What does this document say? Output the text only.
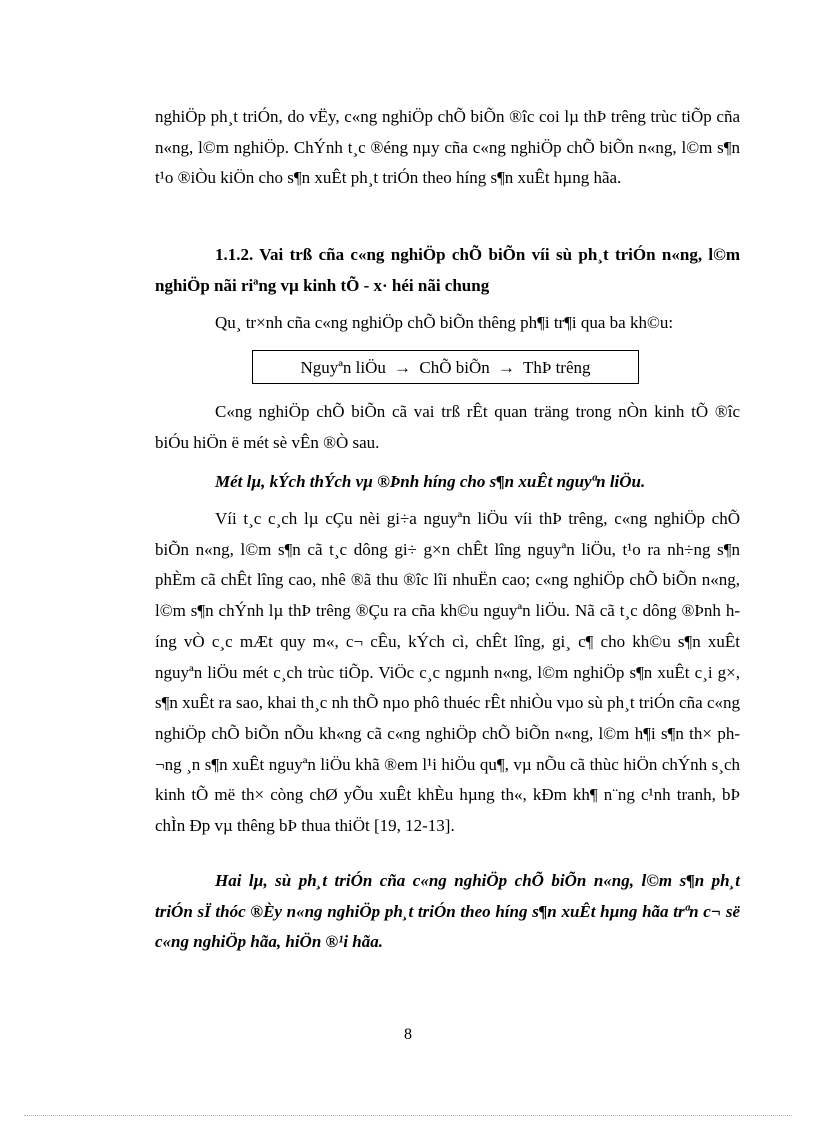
nghiÖp ph¸t triÓn, do vËy, c«ng nghiÖp chÕ biÕn ®îc coi lµ thÞ trêng trùc tiÕp cña n«ng, l©m nghiÖp. ChÝnh t¸c ®éng nµy cña c«ng nghiÖp chÕ biÕn n«ng, l©m s¶n t¹o ®iÒu kiÖn cho s¶n xuÊt ph¸t triÓn theo híng s¶n xuÊt hµng hãa.
1.1.2. Vai trß cña c«ng nghiÖp chÕ biÕn víi sù ph¸t triÓn n«ng, l©m nghiÖp nãi riªng vµ kinh tÕ - x· héi nãi chung
Qu¸ tr×nh cña c«ng nghiÖp chÕ biÕn thêng ph¶i tr¶i qua ba kh©u:
Nguyªn liÖu → ChÕ biÕn → ThÞ trêng
C«ng nghiÖp chÕ biÕn cã vai trß rÊt quan träng trong nÒn kinh tÕ ®îc biÓu hiÖn ë mét sè vÊn ®Ò sau.
Mét lµ, kÝch thÝch vµ ®Þnh híng cho s¶n xuÊt nguyªn liÖu.
Víi t¸c c¸ch lµ cÇu nèi gi÷a nguyªn liÖu víi thÞ trêng, c«ng nghiÖp chÕ biÕn n«ng, l©m s¶n cã t¸c dông gi÷ g×n chÊt lîng nguyªn liÖu, t¹o ra nh÷ng s¶n phÈm cã chÊt lîng cao, nhê ®ã thu ®îc lîi nhuËn cao; c«ng nghiÖp chÕ biÕn n«ng, l©m s¶n chÝnh lµ thÞ trêng ®Çu ra cña kh©u nguyªn liÖu. Nã cã t¸c dông ®Þnh híng vÒ c¸c mÆt quy m«, c¬ cÊu, kÝch cì, chÊt lîng, gi¸ c¶ cho kh©u s¶n xuÊt nguyªn liÖu mét c¸ch trùc tiÕp. ViÖc c¸c ngµnh n«ng, l©m nghiÖp s¶n xuÊt c¸i g×, s¶n xuÊt ra sao, khai th¸c nh thÕ nµo phô thuéc rÊt nhiÒu vµo sù ph¸t triÓn cña c«ng nghiÖp chÕ biÕn nÕu kh«ng cã c«ng nghiÖp chÕ biÕn n«ng, l©m h¶i s¶n th× ph¬ng ¸n s¶n xuÊt nguyªn liÖu khã ®em l¹i hiÖu qu¶, vµ nÕu cã thùc hiÖn chÝnh s¸ch kinh tÕ më th× còng chØ yÕu xuÊt khÈu hµng th«, kÐm kh¶ n¨ng c¹nh tranh, bÞ chÌn Ðp vµ thêng bÞ thua thiÖt [19, 12-13].
Hai lµ, sù ph¸t triÓn cña c«ng nghiÖp chÕ biÕn n«ng, l©m s¶n ph¸t triÓn sÏ thóc ®Èy n«ng nghiÖp ph¸t triÓn theo híng s¶n xuÊt hµng hãa trªn c¬ së c«ng nghiÖp hãa, hiÖn ®¹i hãa.
8
